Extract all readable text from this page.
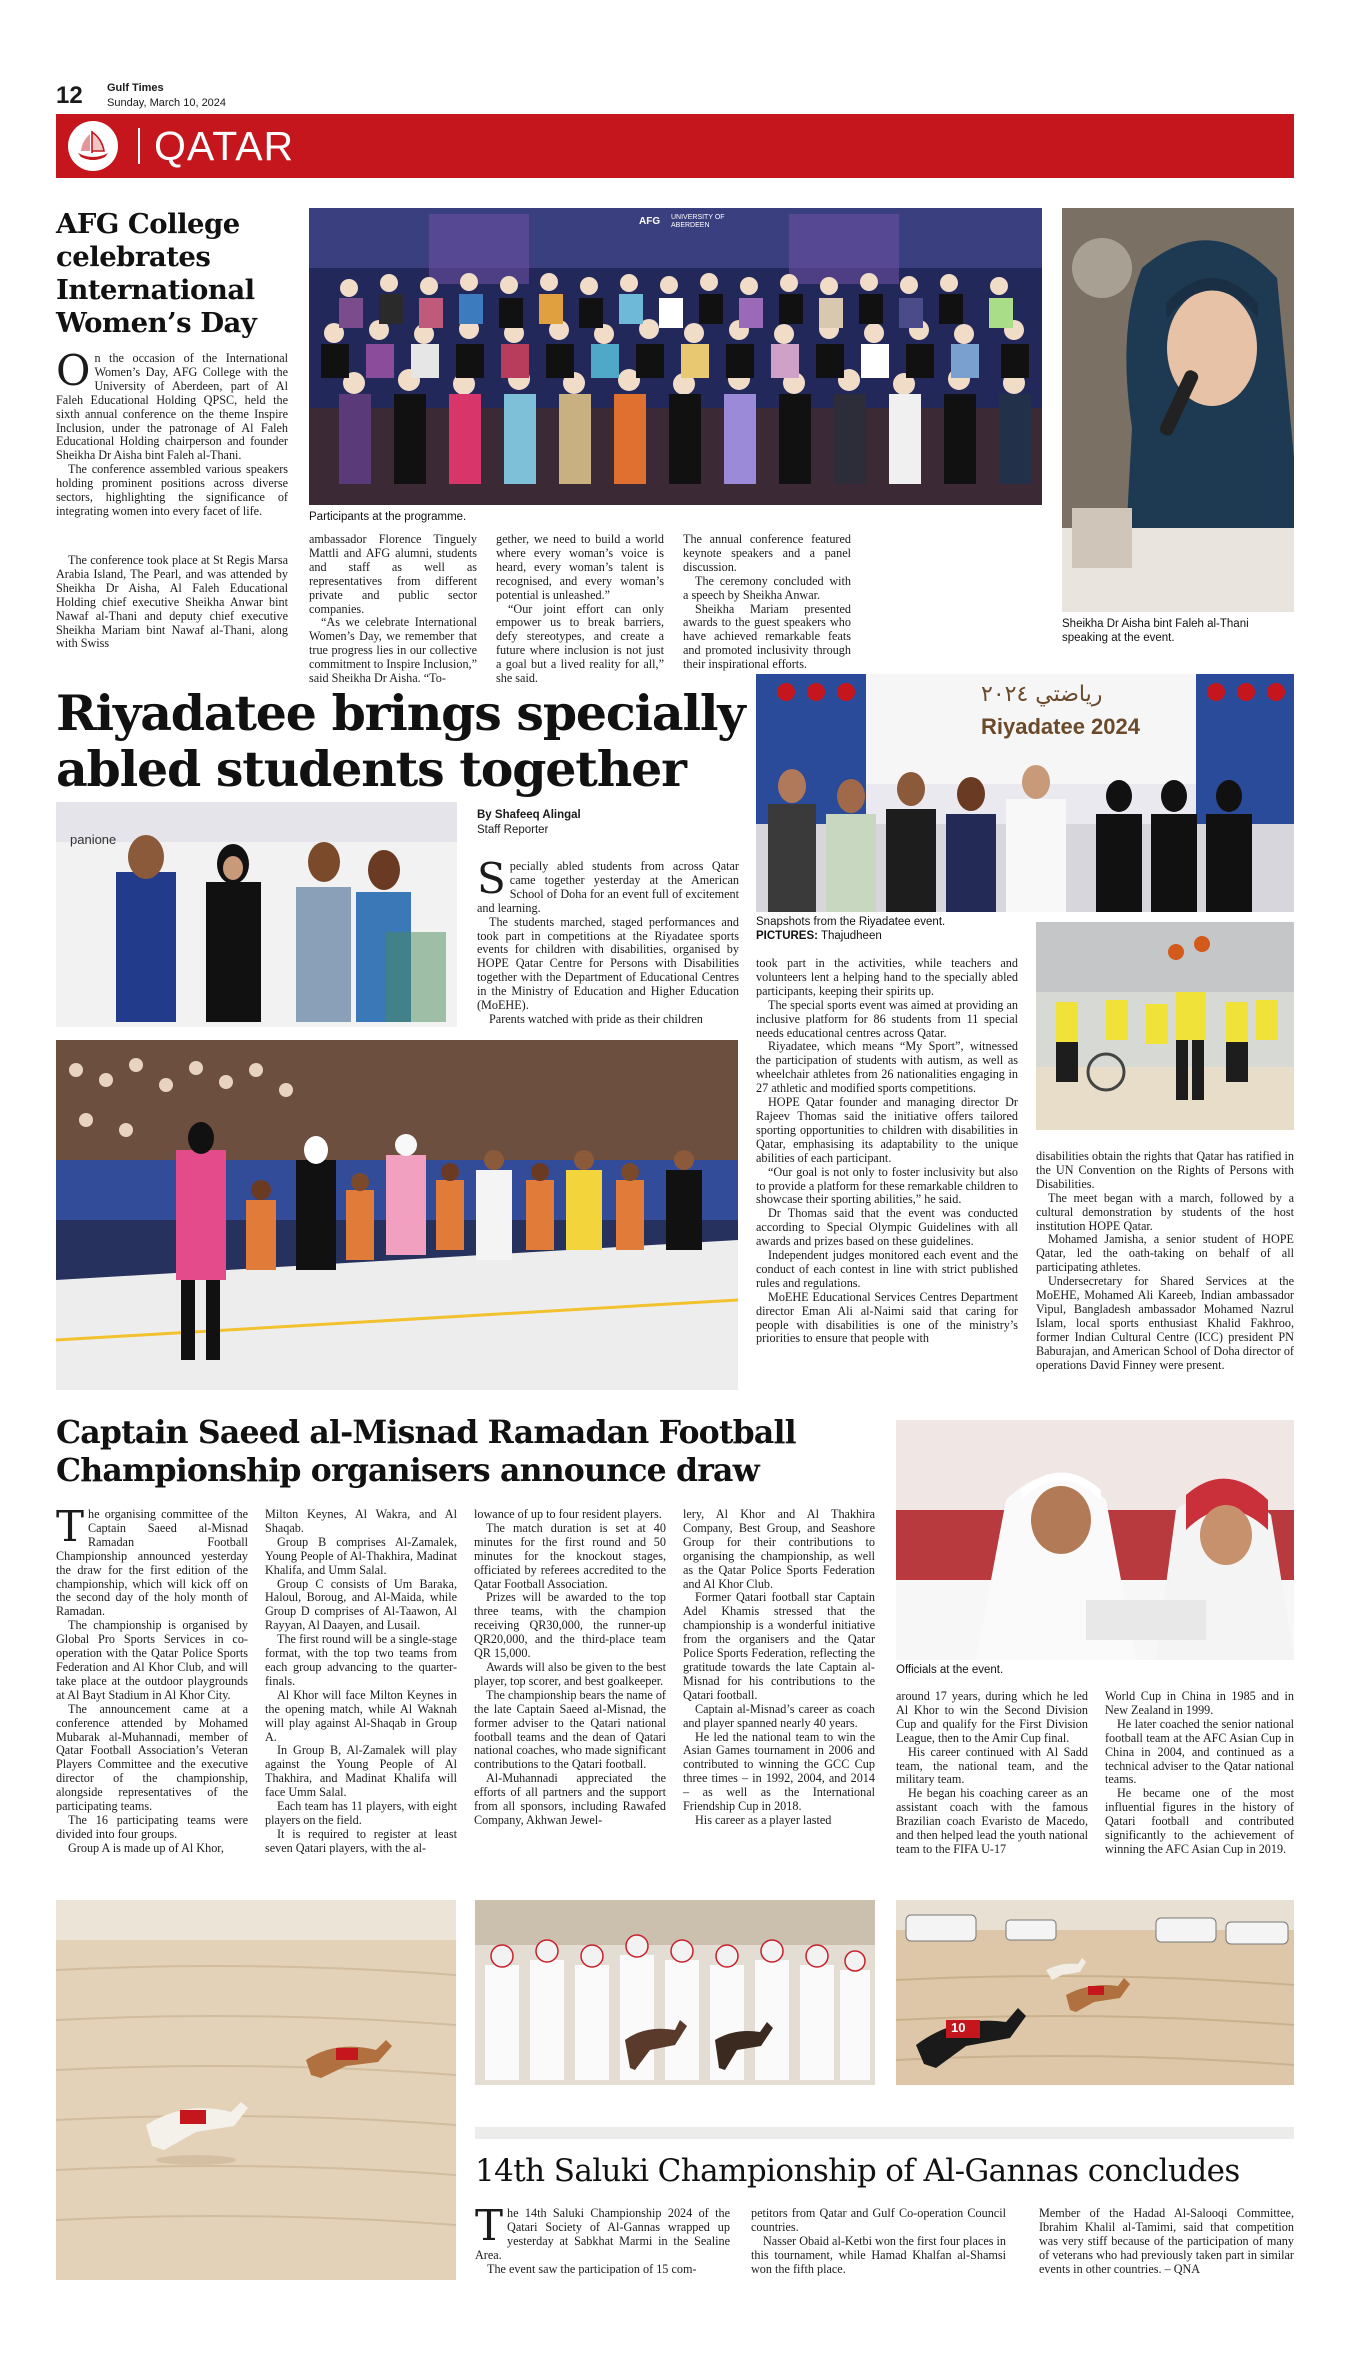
12 Gulf Times
Sunday, March 10, 2024
QATAR
AFG College celebrates International Women’s Day

On the occasion of the International Women’s Day, AFG College with the University of Aberdeen, part of Al Faleh Educational Holding QPSC, held the sixth annual conference on the theme Inspire Inclusion, under the patronage of Al Faleh Educational Holding chairperson and founder Sheikha Dr Aisha bint Faleh al-Thani.

The conference assembled various speakers holding prominent positions across diverse sectors, highlighting the significance of integrating women into every facet of life.

The conference took place at St Regis Marsa Arabia Island, The Pearl, and was attended by Sheikha Dr Aisha, Al Faleh Educational Holding chief executive Sheikha Anwar bint Nawaf al-Thani and deputy chief executive Sheikha Mariam bint Nawaf al-Thani, along with Swiss

AFG UNIVERSITY OF ABERDEEN
Participants at the programme.

ambassador Florence Tinguely Mattli and AFG alumni, students and staff as well as representatives from different private and public sector companies.

“As we celebrate International Women’s Day, we remember that true progress lies in our collective commitment to Inspire Inclusion,” said Sheikha Dr Aisha. “To-

gether, we need to build a world where every woman’s voice is heard, every woman’s talent is recognised, and every woman’s potential is unleashed.”

“Our joint effort can only empower us to break barriers, defy stereotypes, and create a future where inclusion is not just a goal but a lived reality for all,” she said.

The annual conference featured keynote speakers and a panel discussion.

The ceremony concluded with a speech by Sheikha Anwar.

Sheikha Mariam presented awards to the guest speakers who have achieved remarkable feats and promoted inclusivity through their inspirational efforts.

Sheikha Dr Aisha bint Faleh al-Thani speaking at the event.
Riyadatee brings specially abled students together
panione
By Shafeeq Alingal
Staff Reporter

Specially abled students from across Qatar came together yesterday at the American School of Doha for an event full of excitement and learning.

The students marched, staged performances and took part in competitions at the Riyadatee sports events for children with disabilities, organised by HOPE Qatar Centre for Persons with Disabilities together with the Department of Educational Centres in the Ministry of Education and Higher Education (MoEHE).

Parents watched with pride as their children

رياضتي ٢٠٢٤
Riyadatee 2024
Snapshots from the Riyadatee event.
PICTURES: Thajudheen

took part in the activities, while teachers and volunteers lent a helping hand to the specially abled participants, keeping their spirits up.

The special sports event was aimed at providing an inclusive platform for 86 students from 11 special needs educational centres across Qatar.

Riyadatee, which means “My Sport”, witnessed the participation of students with autism, as well as wheelchair athletes from 26 nationalities engaging in 27 athletic and modified sports competitions.

HOPE Qatar founder and managing director Dr Rajeev Thomas said the initiative offers tailored sporting opportunities to children with disabilities in Qatar, emphasising its adaptability to the unique abilities of each participant.

“Our goal is not only to foster inclusivity but also to provide a platform for these remarkable children to showcase their sporting abilities,” he said.

Dr Thomas said that the event was conducted according to Special Olympic Guidelines with all awards and prizes based on these guidelines.

Independent judges monitored each event and the conduct of each contest in line with strict published rules and regulations.

MoEHE Educational Services Centres Department director Eman Ali al-Naimi said that caring for people with disabilities is one of the ministry’s priorities to ensure that people with

disabilities obtain the rights that Qatar has ratified in the UN Convention on the Rights of Persons with Disabilities.

The meet began with a march, followed by a cultural demonstration by students of the host institution HOPE Qatar.

Mohamed Jamisha, a senior student of HOPE Qatar, led the oath-taking on behalf of all participating athletes.

Undersecretary for Shared Services at the MoEHE, Mohamed Ali Kareeb, Indian ambassador Vipul, Bangladesh ambassador Mohamed Nazrul Islam, local sports enthusiast Khalid Fakhroo, former Indian Cultural Centre (ICC) president PN Baburajan, and American School of Doha director of operations David Finney were present.

Captain Saeed al-Misnad Ramadan Football Championship organisers announce draw

The organising committee of the Captain Saeed al-Misnad Ramadan Football Championship announced yesterday the draw for the first edition of the championship, which will kick off on the second day of the holy month of Ramadan.

The championship is organised by Global Pro Sports Services in co-operation with the Qatar Police Sports Federation and Al Khor Club, and will take place at the outdoor playgrounds at Al Bayt Stadium in Al Khor City.

The announcement came at a conference attended by Mohamed Mubarak al-Muhannadi, member of Qatar Football Association’s Veteran Players Committee and the executive director of the championship, alongside representatives of the participating teams.

The 16 participating teams were divided into four groups.

Group A is made up of Al Khor,

Milton Keynes, Al Wakra, and Al Shaqab.

Group B comprises Al-Zamalek, Young People of Al-Thakhira, Madinat Khalifa, and Umm Salal.

Group C consists of Um Baraka, Haloul, Boroug, and Al-Maida, while Group D comprises of Al-Taawon, Al Rayyan, Al Daayen, and Lusail.

The first round will be a single-stage format, with the top two teams from each group advancing to the quarter-finals.

Al Khor will face Milton Keynes in the opening match, while Al Waknah will play against Al-Shaqab in Group A.

In Group B, Al-Zamalek will play against the Young People of Al Thakhira, and Madinat Khalifa will face Umm Salal.

Each team has 11 players, with eight players on the field.

It is required to register at least seven Qatari players, with the al-

lowance of up to four resident players.

The match duration is set at 40 minutes for the first round and 50 minutes for the knockout stages, officiated by referees accredited to the Qatar Football Association.

Prizes will be awarded to the top three teams, with the champion receiving QR30,000, the runner-up QR20,000, and the third-place team QR 15,000.

Awards will also be given to the best player, top scorer, and best goalkeeper.

The championship bears the name of the late Captain Saeed al-Misnad, the former adviser to the Qatari national football teams and the dean of Qatari national coaches, who made significant contributions to the Qatari football.

Al-Muhannadi appreciated the efforts of all partners and the support from all sponsors, including Rawafed Company, Akhwan Jewel-

lery, Al Khor and Al Thakhira Company, Best Group, and Seashore Group for their contributions to organising the championship, as well as the Qatar Police Sports Federation and Al Khor Club.

Former Qatari football star Captain Adel Khamis stressed that the championship is a wonderful initiative from the organisers and the Qatar Police Sports Federation, reflecting the gratitude towards the late Captain al-Misnad for his contributions to the Qatari football.

Captain al-Misnad’s career as coach and player spanned nearly 40 years.

He led the national team to win the Asian Games tournament in 2006 and contributed to winning the GCC Cup three times – in 1992, 2004, and 2014 – as well as the International Friendship Cup in 2018.

His career as a player lasted

Officials at the event.

around 17 years, during which he led Al Khor to win the Second Division Cup and qualify for the First Division League, then to the Amir Cup final.

His career continued with Al Sadd team, the national team, and the military team.

He began his coaching career as an assistant coach with the famous Brazilian coach Evaristo de Macedo, and then helped lead the youth national team to the FIFA U-17

World Cup in China in 1985 and in New Zealand in 1999.

He later coached the senior national football team at the AFC Asian Cup in China in 2004, and continued as a technical adviser to the Qatar national teams.

He became one of the most influential figures in the history of Qatari football and contributed significantly to the achievement of winning the AFC Asian Cup in 2019.

10
14th Saluki Championship of Al-Gannas concludes

The 14th Saluki Championship 2024 of the Qatari Society of Al-Gannas wrapped up yesterday at Sabkhat Marmi in the Sealine Area.

The event saw the participation of 15 com-

petitors from Qatar and Gulf Co-operation Council countries.

Nasser Obaid al-Ketbi won the first four places in this tournament, while Hamad Khalfan al-Shamsi won the fifth place.

Member of the Hadad Al-Salooqi Committee, Ibrahim Khalil al-Tamimi, said that competition was very stiff because of the participation of many of veterans who had previously taken part in similar events in other countries. – QNA
